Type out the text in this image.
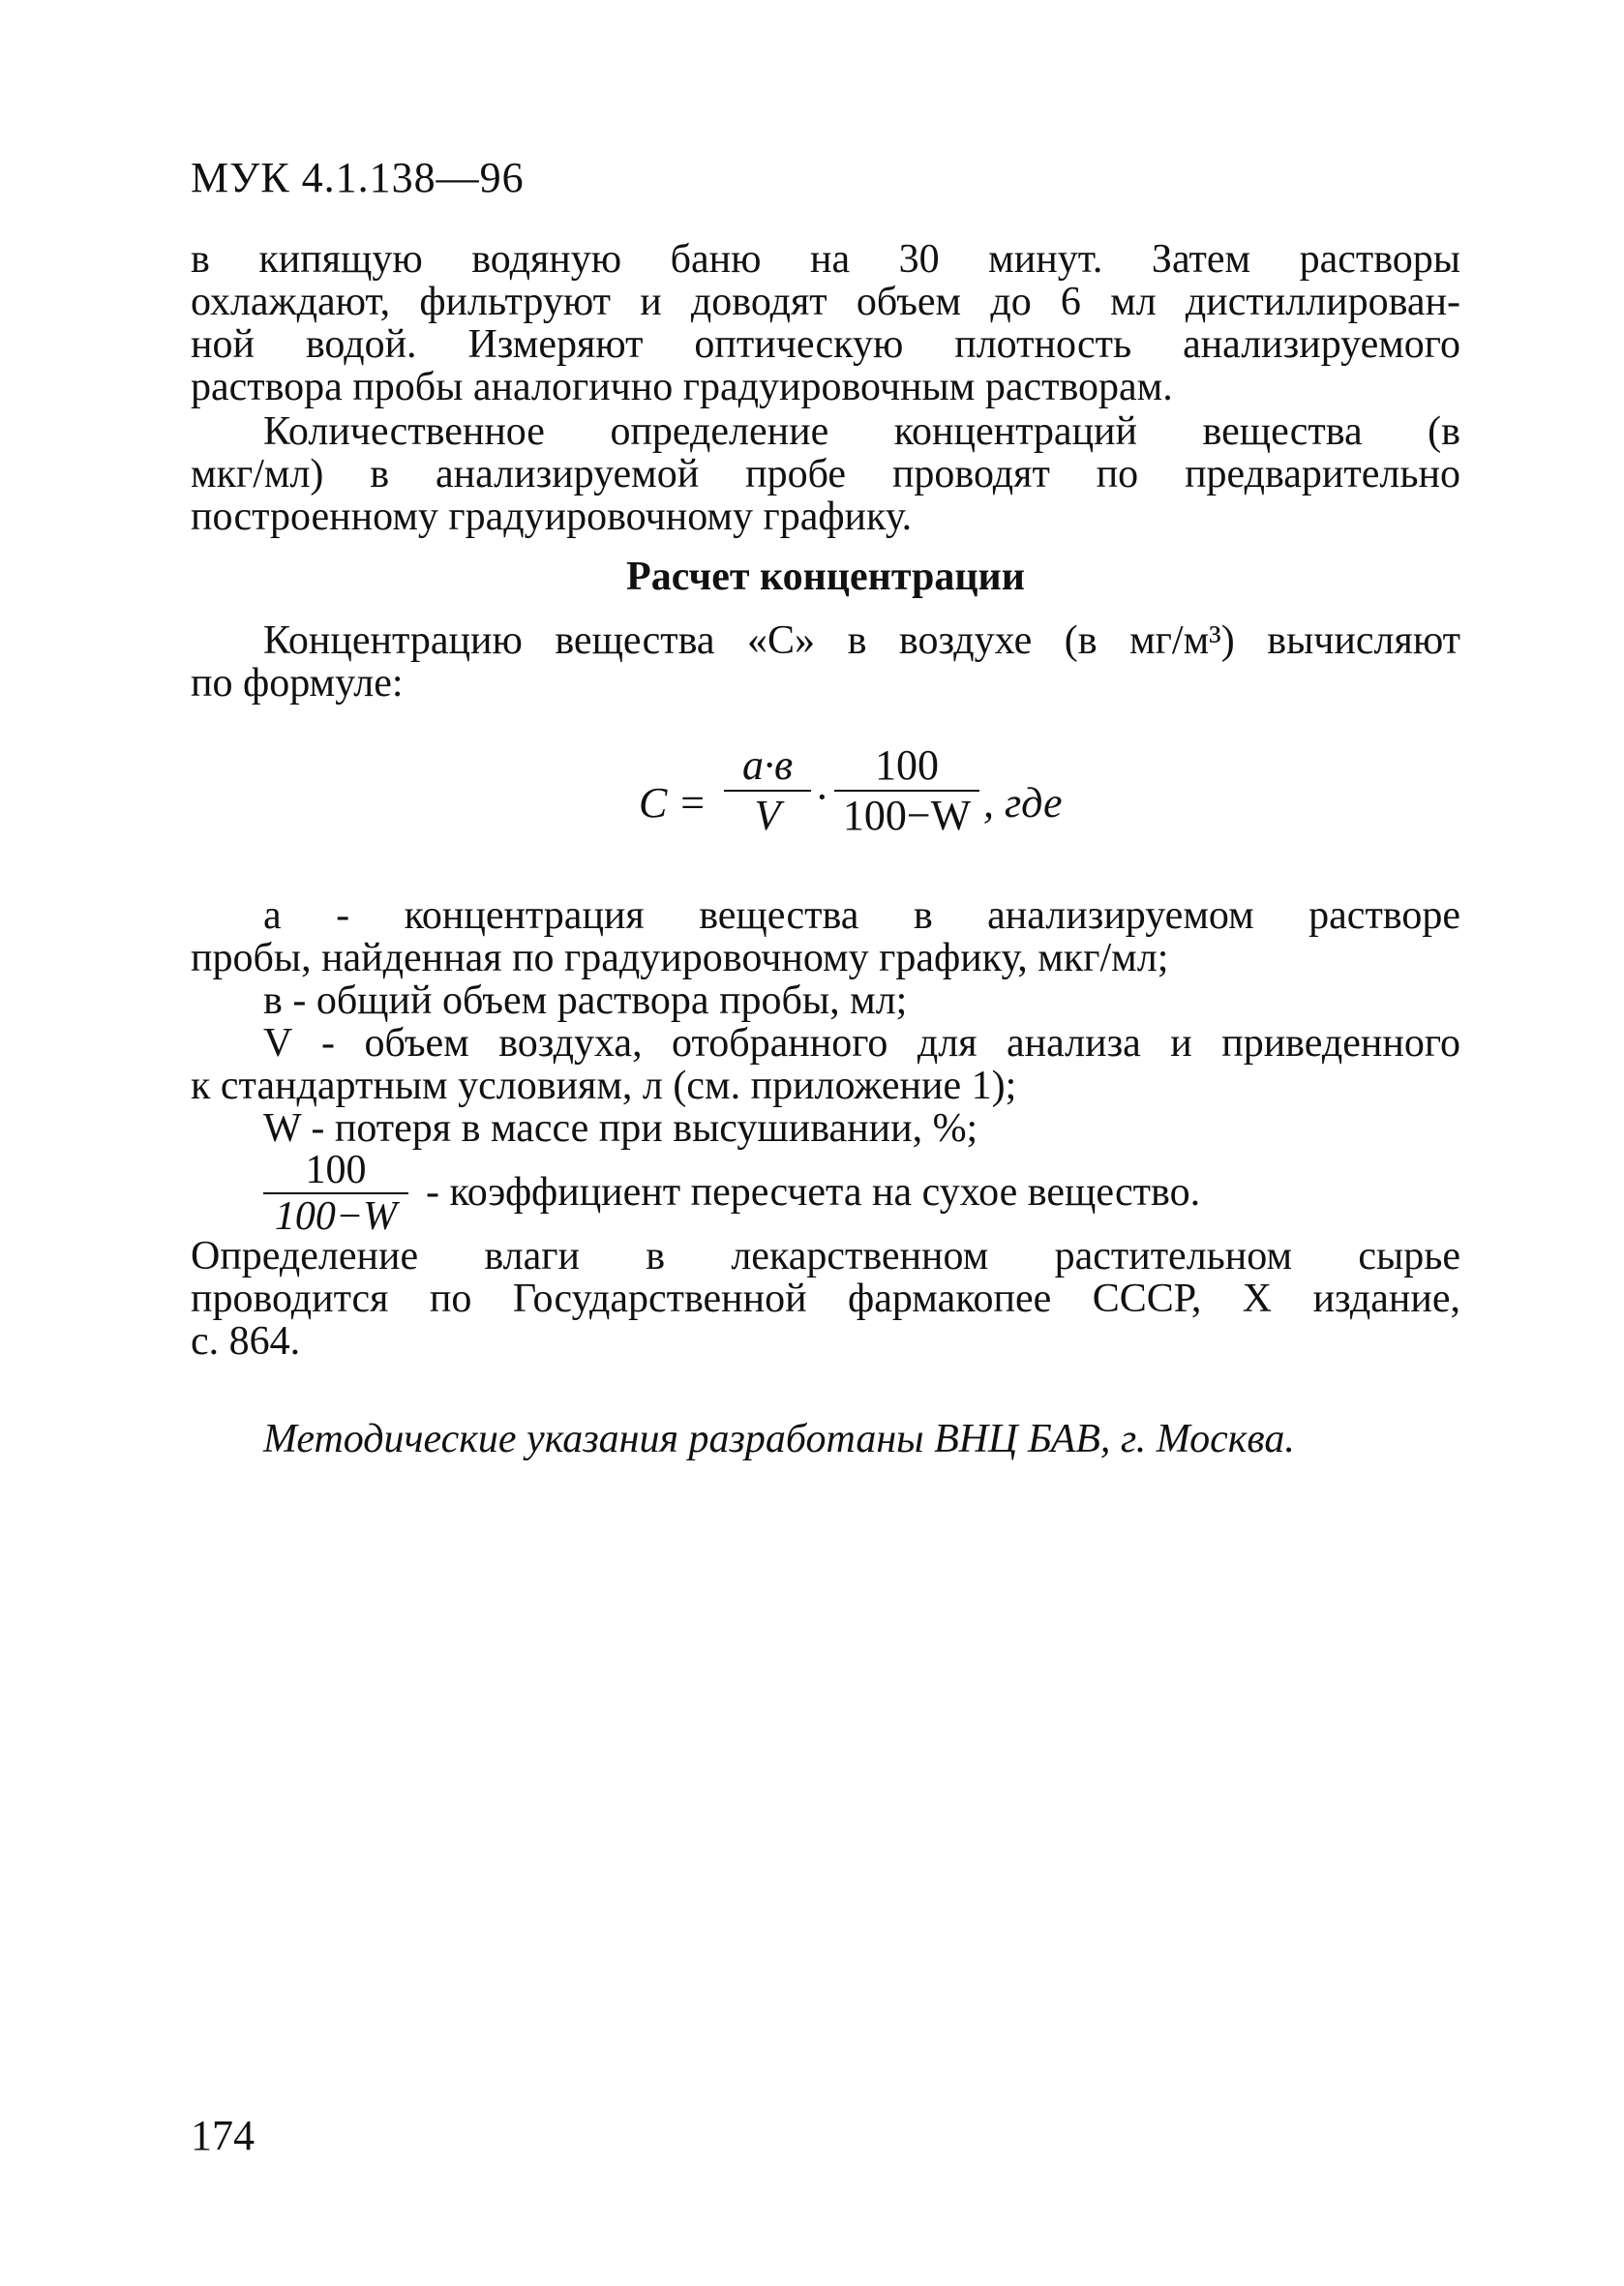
МУК 4.1.138—96

в кипящую водяную баню на 30 минут. Затем растворы
охлаждают, фильтруют и доводят объем до 6 мл дистиллирован-
ной водой. Измеряют оптическую плотность анализируемого
раствора пробы аналогично градуировочным растворам.

Количественное определение концентраций вещества (в
мкг/мл) в анализируемой пробе проводят по предварительно
построенному градуировочному графику.

Расчет концентрации

Концентрацию вещества «С» в воздухе (в мг/м³) вычисляют
по формуле:

C =
a·в
$V \cdot \frac{100}{100-W}$ , где

a - концентрация вещества в анализируемом растворе
пробы, найденная по градуировочному графику, мкг/мл;

в - общий объем раствора пробы, мл;

V - объем воздуха, отобранного для анализа и приведенного
к стандартным условиям, л (см. приложение 1);

W - потеря в массе при высушивании, %;

$\frac{100}{100-W}$ - коэффициент пересчета на сухое вещество.

Определение влаги в лекарственном растительном сырье
проводится по Государственной фармакопее СССР, X издание,
с. 864.

Методические указания разработаны ВНЦ БАВ, г. Москва.
174
